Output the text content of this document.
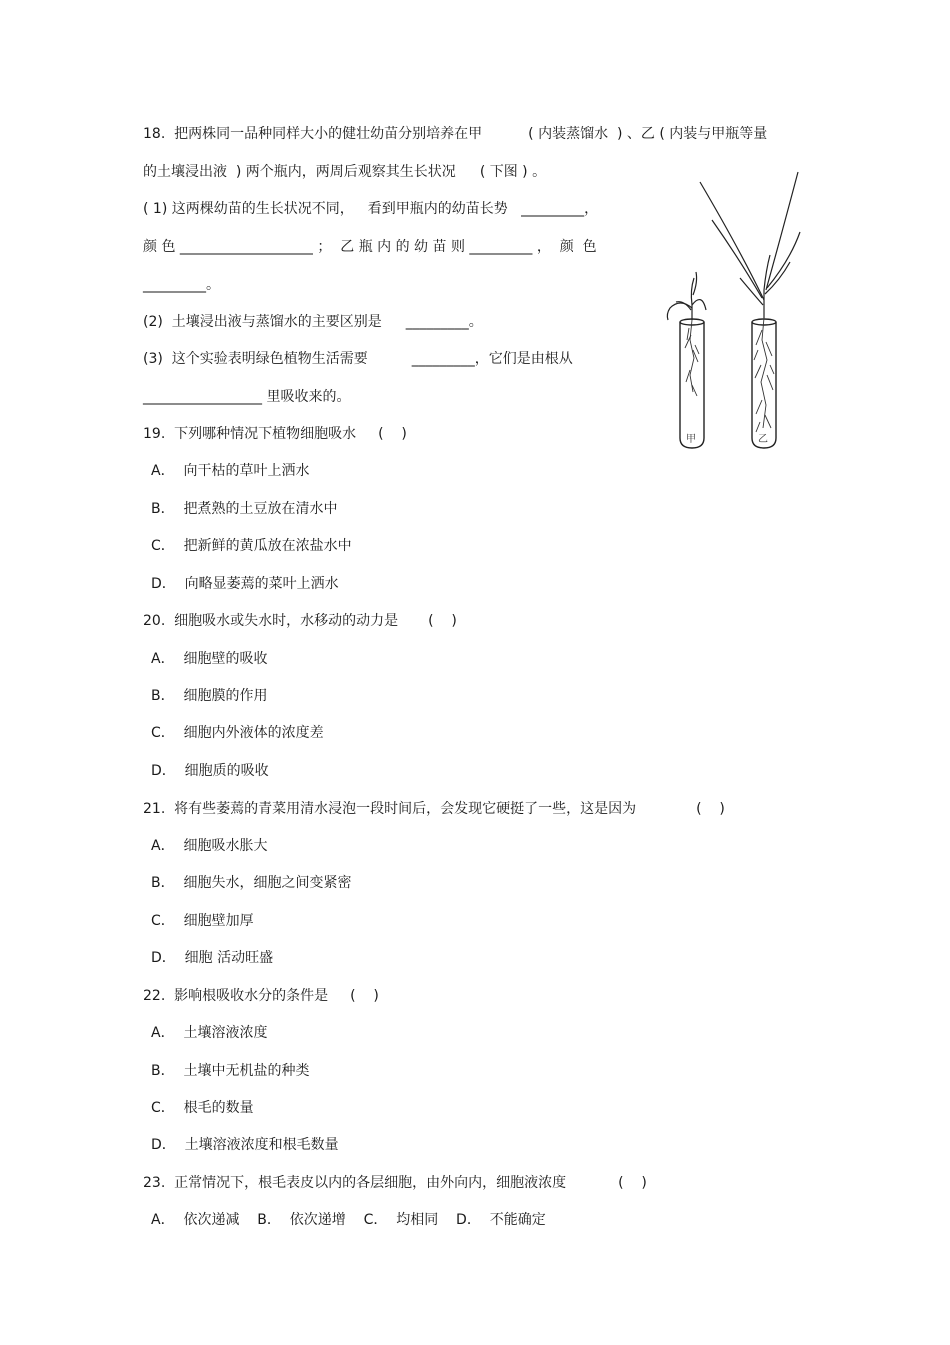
18.  把两株同一品种同样大小的健壮幼苗分别培养在甲	( 内装蒸馏水  ) 、乙 ( 内装与甲瓶等量
的土壤浸出液  ) 两个瓶内，两周后观察其生长状况 ( 下图 ) 。
( 1) 这两棵幼苗的生长状况不同， 看到甲瓶内的幼苗长势   _________，
颜 色 ___________________ ；  乙 瓶 内 的 幼 苗 则 _________ ，  颜  色
_________。
(2)  土壤浸出液与蒸馏水的主要区别是 _________。
(3)  这个实验表明绿色植物生活需要	_________，它们是由根从
_________________ 里吸收来的。
19.  下列哪种情况下植物细胞吸水 (    )
A．  向干枯的草叶上洒水
B．  把煮熟的土豆放在清水中
C．  把新鲜的黄瓜放在浓盐水中
D．  向略显萎蔫的菜叶上洒水
20.  细胞吸水或失水时，水移动的动力是 (    )
A．  细胞壁的吸收
B．  细胞膜的作用
C．  细胞内外液体的浓度差
D．  细胞质的吸收
21.  将有些萎蔫的青菜用清水浸泡一段时间后，会发现它硬挺了一些，这是因为	(    )
A．  细胞吸水胀大
B．  细胞失水，细胞之间变紧密
C．  细胞壁加厚
D．  细胞 活动旺盛
22.  影响根吸收水分的条件是 (    )
A．  土壤溶液浓度
B．  土壤中无机盐的种类
C．  根毛的数量
D．  土壤溶液浓度和根毛数量
23.  正常情况下，根毛表皮以内的各层细胞，由外向内，细胞液浓度	(    )
A．  依次递减    B．  依次递增    C．  均相同    D．  不能确定
甲	乙
